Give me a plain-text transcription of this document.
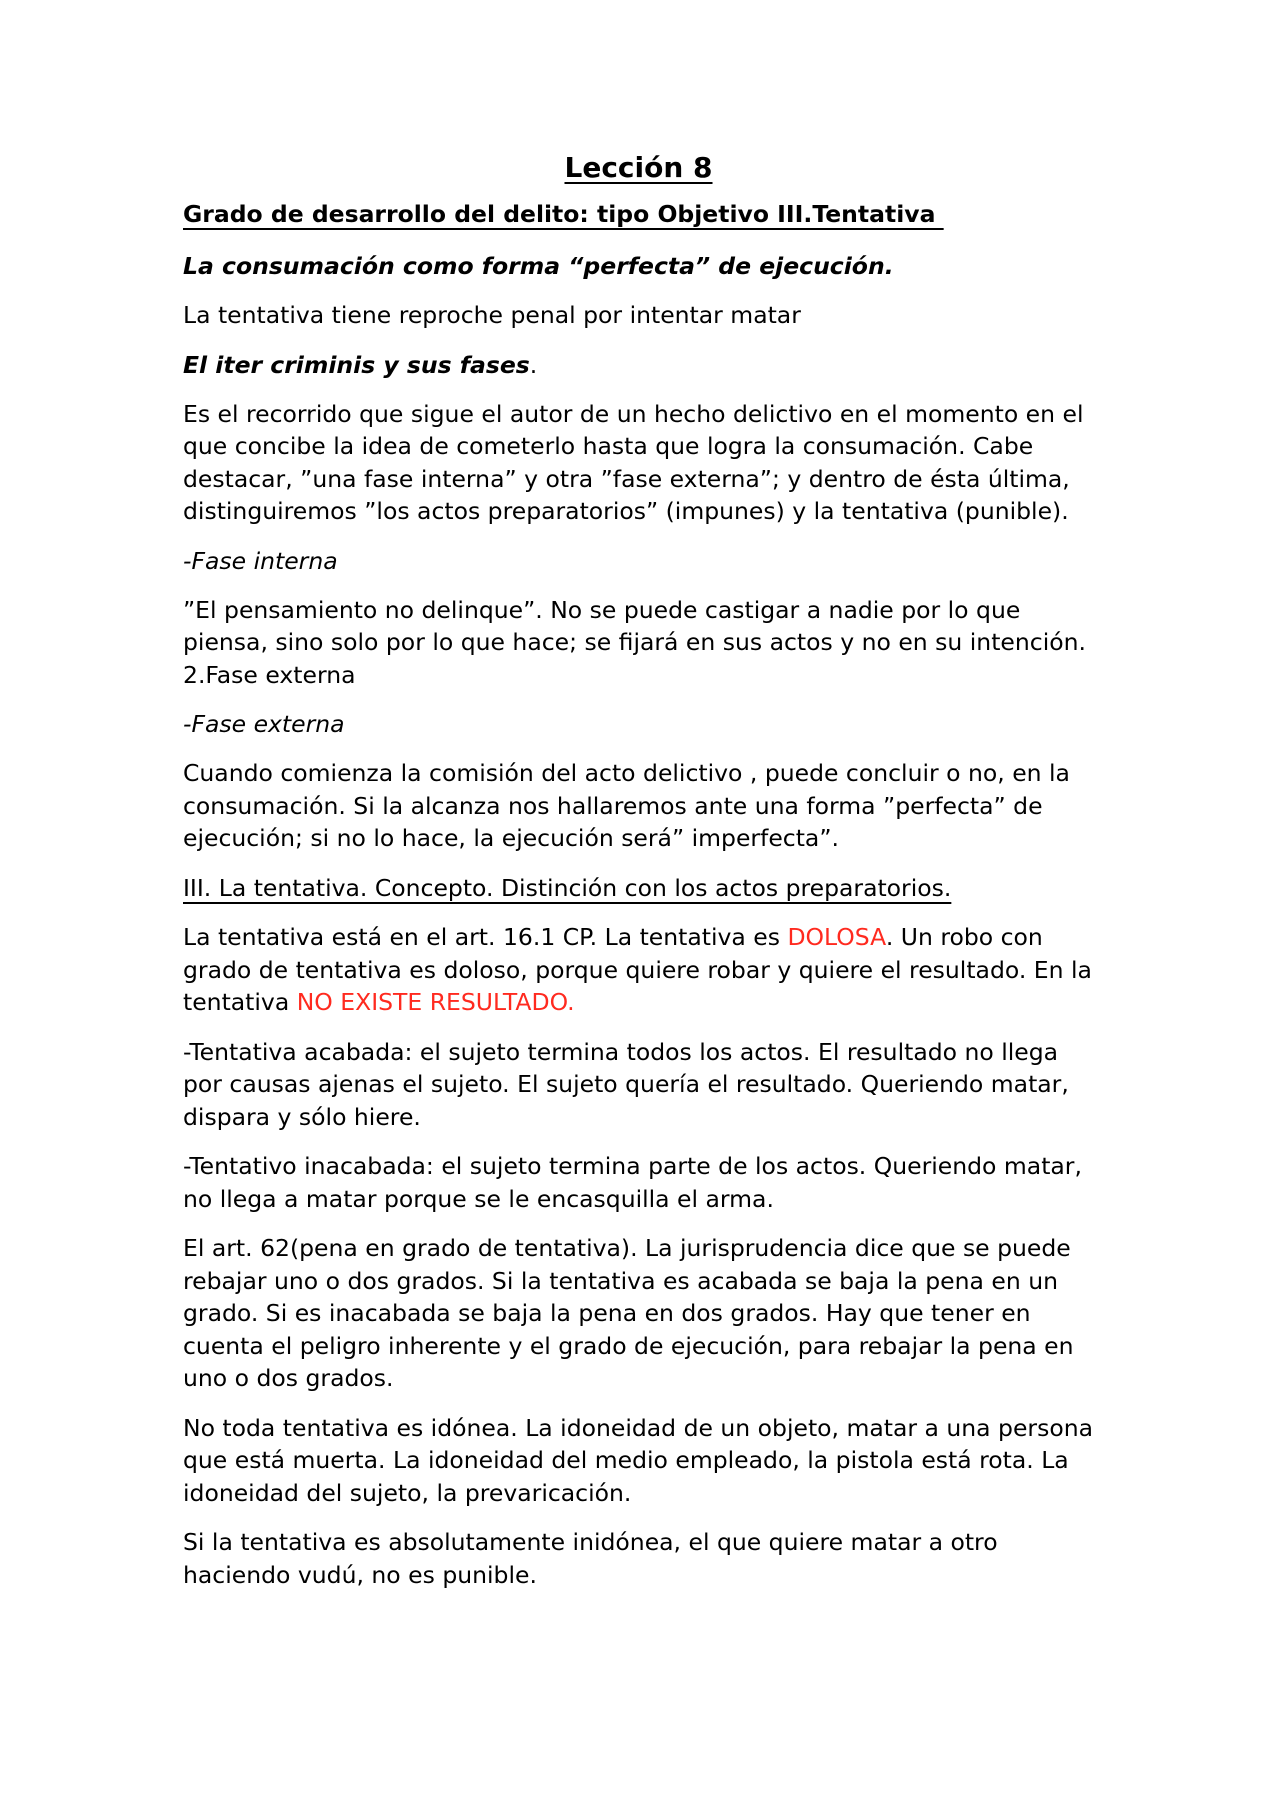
Lección 8

Grado de desarrollo del delito: tipo Objetivo III.Tentativa

La consumación como forma “perfecta” de ejecución.

La tentativa tiene reproche penal por intentar matar

El iter criminis y sus fases.

Es el recorrido que sigue el autor de un hecho delictivo en el momento en el que concibe la idea de cometerlo hasta que logra la consumación. Cabe destacar, ”una fase interna” y otra ”fase externa”; y dentro de ésta última, distinguiremos ”los actos preparatorios” (impunes) y la tentativa (punible).

-Fase interna

”El pensamiento no delinque”. No se puede castigar a nadie por lo que piensa, sino solo por lo que hace; se fijará en sus actos y no en su intención. 2.Fase externa

-Fase externa

Cuando comienza la comisión del acto delictivo , puede concluir o no, en la consumación. Si la alcanza nos hallaremos ante una forma ”perfecta” de ejecución; si no lo hace, la ejecución será” imperfecta”.

III. La tentativa. Concepto. Distinción con los actos preparatorios.

La tentativa está en el art. 16.1 CP. La tentativa es DOLOSA. Un robo con grado de tentativa es doloso, porque quiere robar y quiere el resultado. En la tentativa NO EXISTE RESULTADO.

-Tentativa acabada: el sujeto termina todos los actos. El resultado no llega por causas ajenas el sujeto. El sujeto quería el resultado. Queriendo matar, dispara y sólo hiere.

-Tentativo inacabada: el sujeto termina parte de los actos. Queriendo matar, no llega a matar porque se le encasquilla el arma.

El art. 62(pena en grado de tentativa). La jurisprudencia dice que se puede rebajar uno o dos grados. Si la tentativa es acabada se baja la pena en un grado. Si es inacabada se baja la pena en dos grados. Hay que tener en cuenta el peligro inherente y el grado de ejecución, para rebajar la pena en uno o dos grados.

No toda tentativa es idónea. La idoneidad de un objeto, matar a una persona que está muerta. La idoneidad del medio empleado, la pistola está rota. La idoneidad del sujeto, la prevaricación.

Si la tentativa es absolutamente inidónea, el que quiere matar a otro haciendo vudú, no es punible.
